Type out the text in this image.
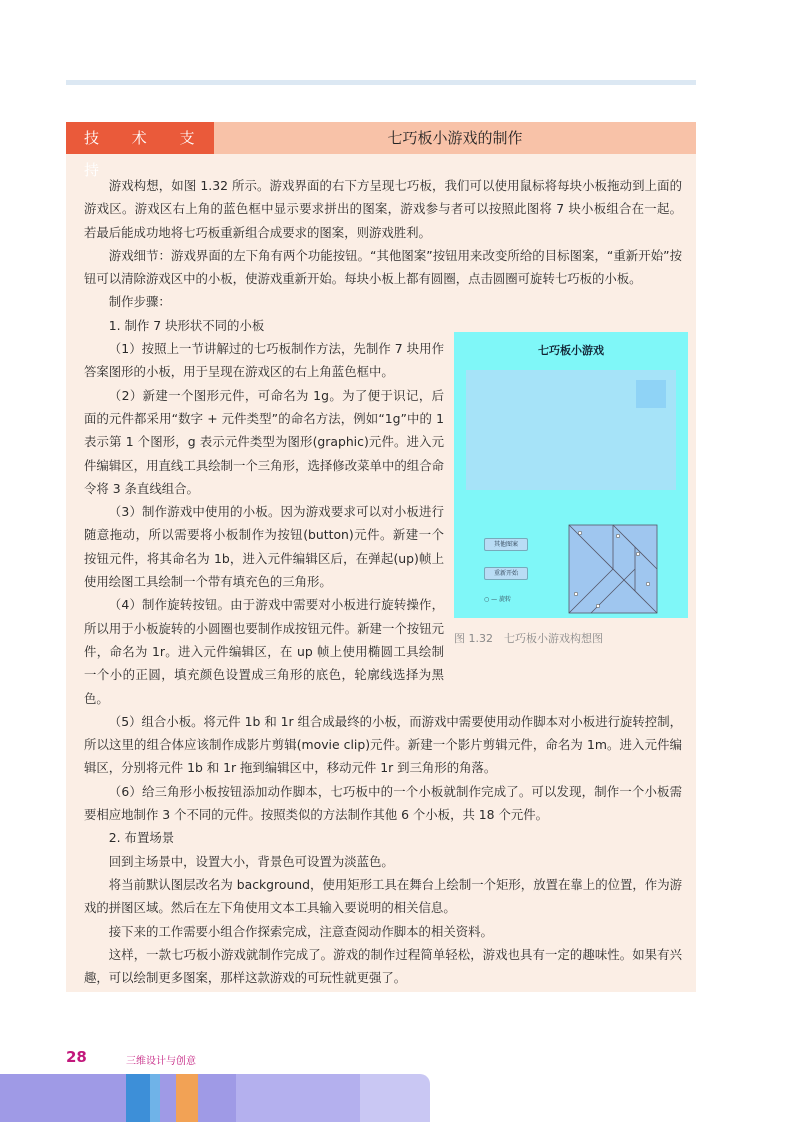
技 术 支 持
七巧板小游戏的制作

游戏构想，如图 1.32 所示。游戏界面的右下方呈现七巧板，我们可以使用鼠标将每块小板拖动到上面的游戏区。游戏区右上角的蓝色框中显示要求拼出的图案，游戏参与者可以按照此图将 7 块小板组合在一起。若最后能成功地将七巧板重新组合成要求的图案，则游戏胜利。

游戏细节：游戏界面的左下角有两个功能按钮。“其他图案”按钮用来改变所给的目标图案，“重新开始”按钮可以清除游戏区中的小板，使游戏重新开始。每块小板上都有圆圈，点击圆圈可旋转七巧板的小板。

制作步骤：

1. 制作 7 块形状不同的小板

（1）按照上一节讲解过的七巧板制作方法，先制作 7 块用作答案图形的小板，用于呈现在游戏区的右上角蓝色框中。

（2）新建一个图形元件，可命名为 1g。为了便于识记，后面的元件都采用“数字 + 元件类型”的命名方法，例如“1g”中的 1 表示第 1 个图形，g 表示元件类型为图形(graphic)元件。进入元件编辑区，用直线工具绘制一个三角形，选择修改菜单中的组合命令将 3 条直线组合。

（3）制作游戏中使用的小板。因为游戏要求可以对小板进行随意拖动，所以需要将小板制作为按钮(button)元件。新建一个按钮元件，将其命名为 1b，进入元件编辑区后，在弹起(up)帧上使用绘图工具绘制一个带有填充色的三角形。

（4）制作旋转按钮。由于游戏中需要对小板进行旋转操作，所以用于小板旋转的小圆圈也要制作成按钮元件。新建一个按钮元件，命名为 1r。进入元件编辑区，在 up 帧上使用椭圆工具绘制一个小的正圆，填充颜色设置成三角形的底色，轮廓线选择为黑色。

（5）组合小板。将元件 1b 和 1r 组合成最终的小板，而游戏中需要使用动作脚本对小板进行旋转控制，所以这里的组合体应该制作成影片剪辑(movie clip)元件。新建一个影片剪辑元件，命名为 1m。进入元件编辑区，分别将元件 1b 和 1r 拖到编辑区中，移动元件 1r 到三角形的角落。

（6）给三角形小板按钮添加动作脚本，七巧板中的一个小板就制作完成了。可以发现，制作一个小板需要相应地制作 3 个不同的元件。按照类似的方法制作其他 6 个小板，共 18 个元件。

2. 布置场景

回到主场景中，设置大小，背景色可设置为淡蓝色。

将当前默认图层改名为 background，使用矩形工具在舞台上绘制一个矩形，放置在靠上的位置，作为游戏的拼图区域。然后在左下角使用文本工具输入要说明的相关信息。

接下来的工作需要小组合作探索完成，注意查阅动作脚本的相关资料。

这样，一款七巧板小游戏就制作完成了。游戏的制作过程简单轻松，游戏也具有一定的趣味性。如果有兴趣，可以绘制更多图案，那样这款游戏的可玩性就更强了。

七巧板小游戏
其他图案
重新开始
○ — 旋转
图 1.32　七巧板小游戏构想图
28	三维设计与创意
